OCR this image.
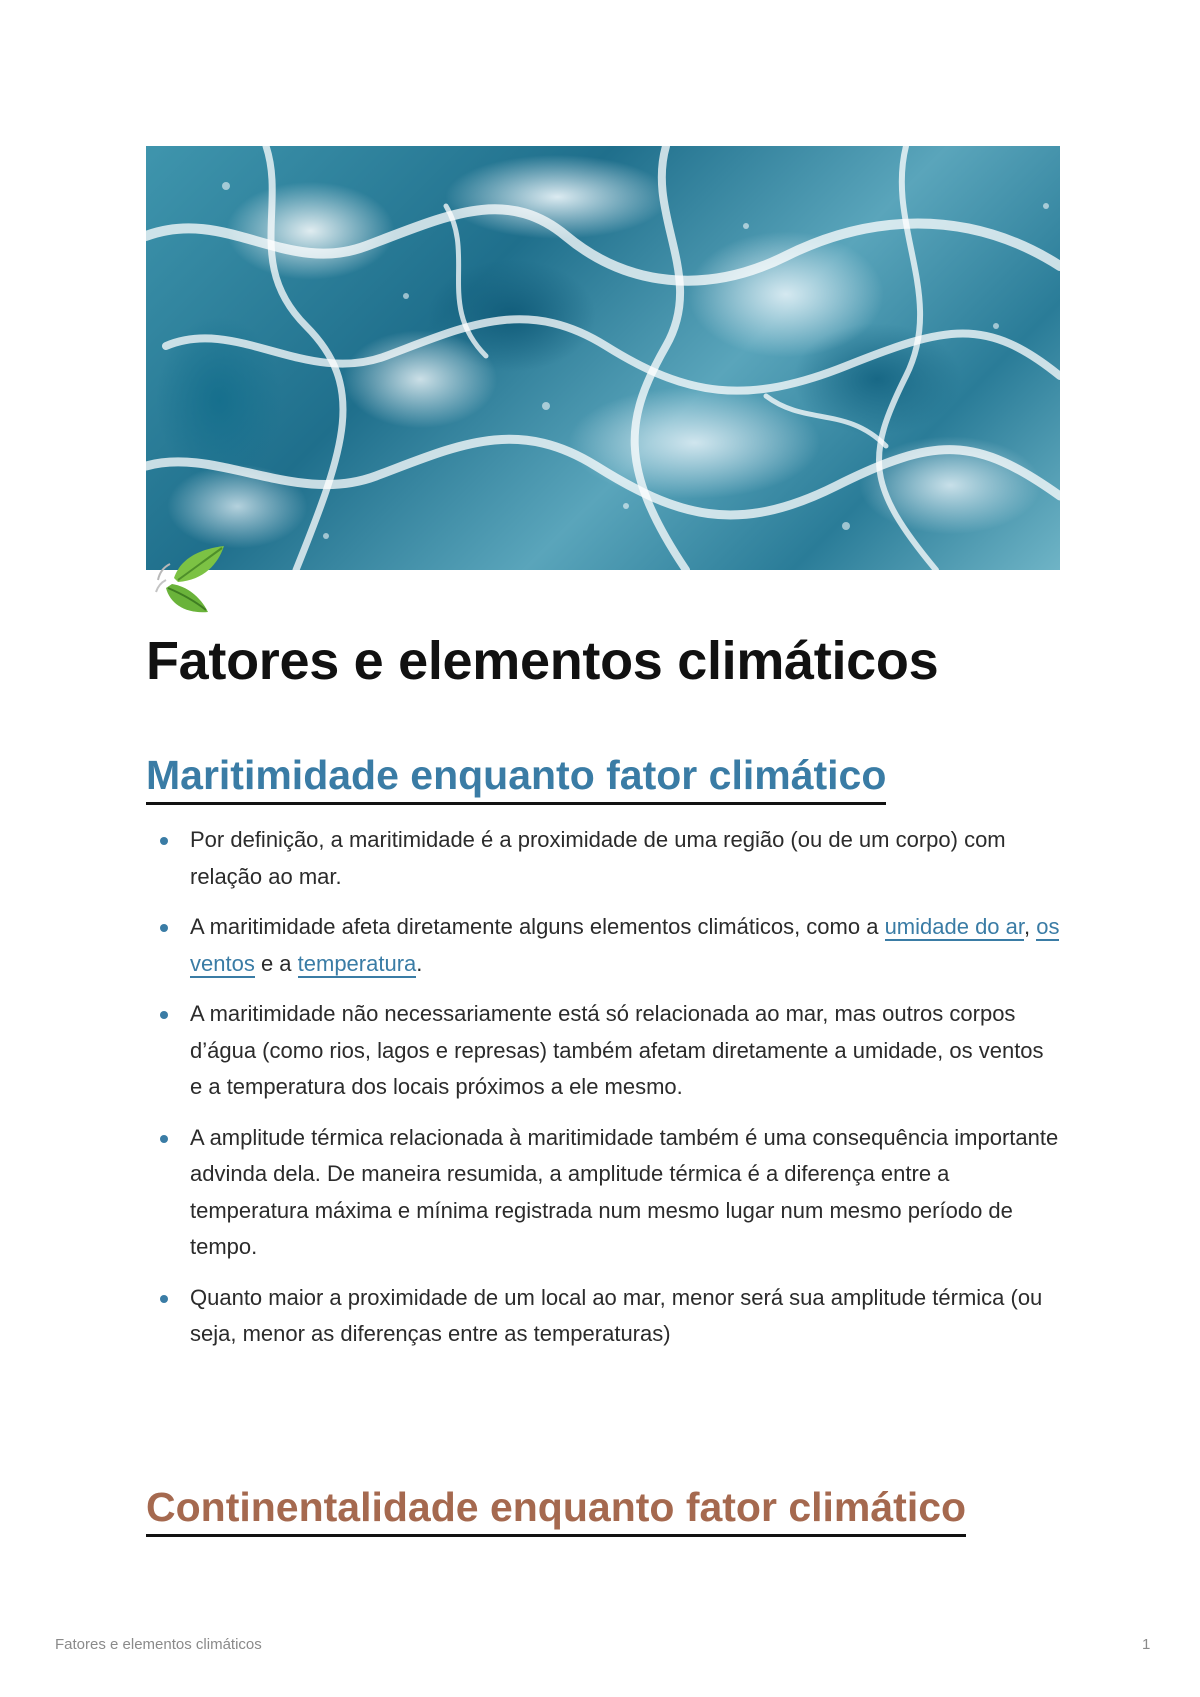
Fatores e elementos climáticos
Maritimidade enquanto fator climático
Por definição, a maritimidade é a proximidade de uma região (ou de um corpo) com relação ao mar.
A maritimidade afeta diretamente alguns elementos climáticos, como a umidade do ar, os ventos e a temperatura.
A maritimidade não necessariamente está só relacionada ao mar, mas outros corpos d’água (como rios, lagos e represas) também afetam diretamente a umidade, os ventos e a temperatura dos locais próximos a ele mesmo.
A amplitude térmica relacionada à maritimidade também é uma consequência importante advinda dela. De maneira resumida, a amplitude térmica é a diferença entre a temperatura máxima e mínima registrada num mesmo lugar num mesmo período de tempo.
Quanto maior a proximidade de um local ao mar, menor será sua amplitude térmica (ou seja, menor as diferenças entre as temperaturas)
Continentalidade enquanto fator climático
Fatores e elementos climáticos	1
